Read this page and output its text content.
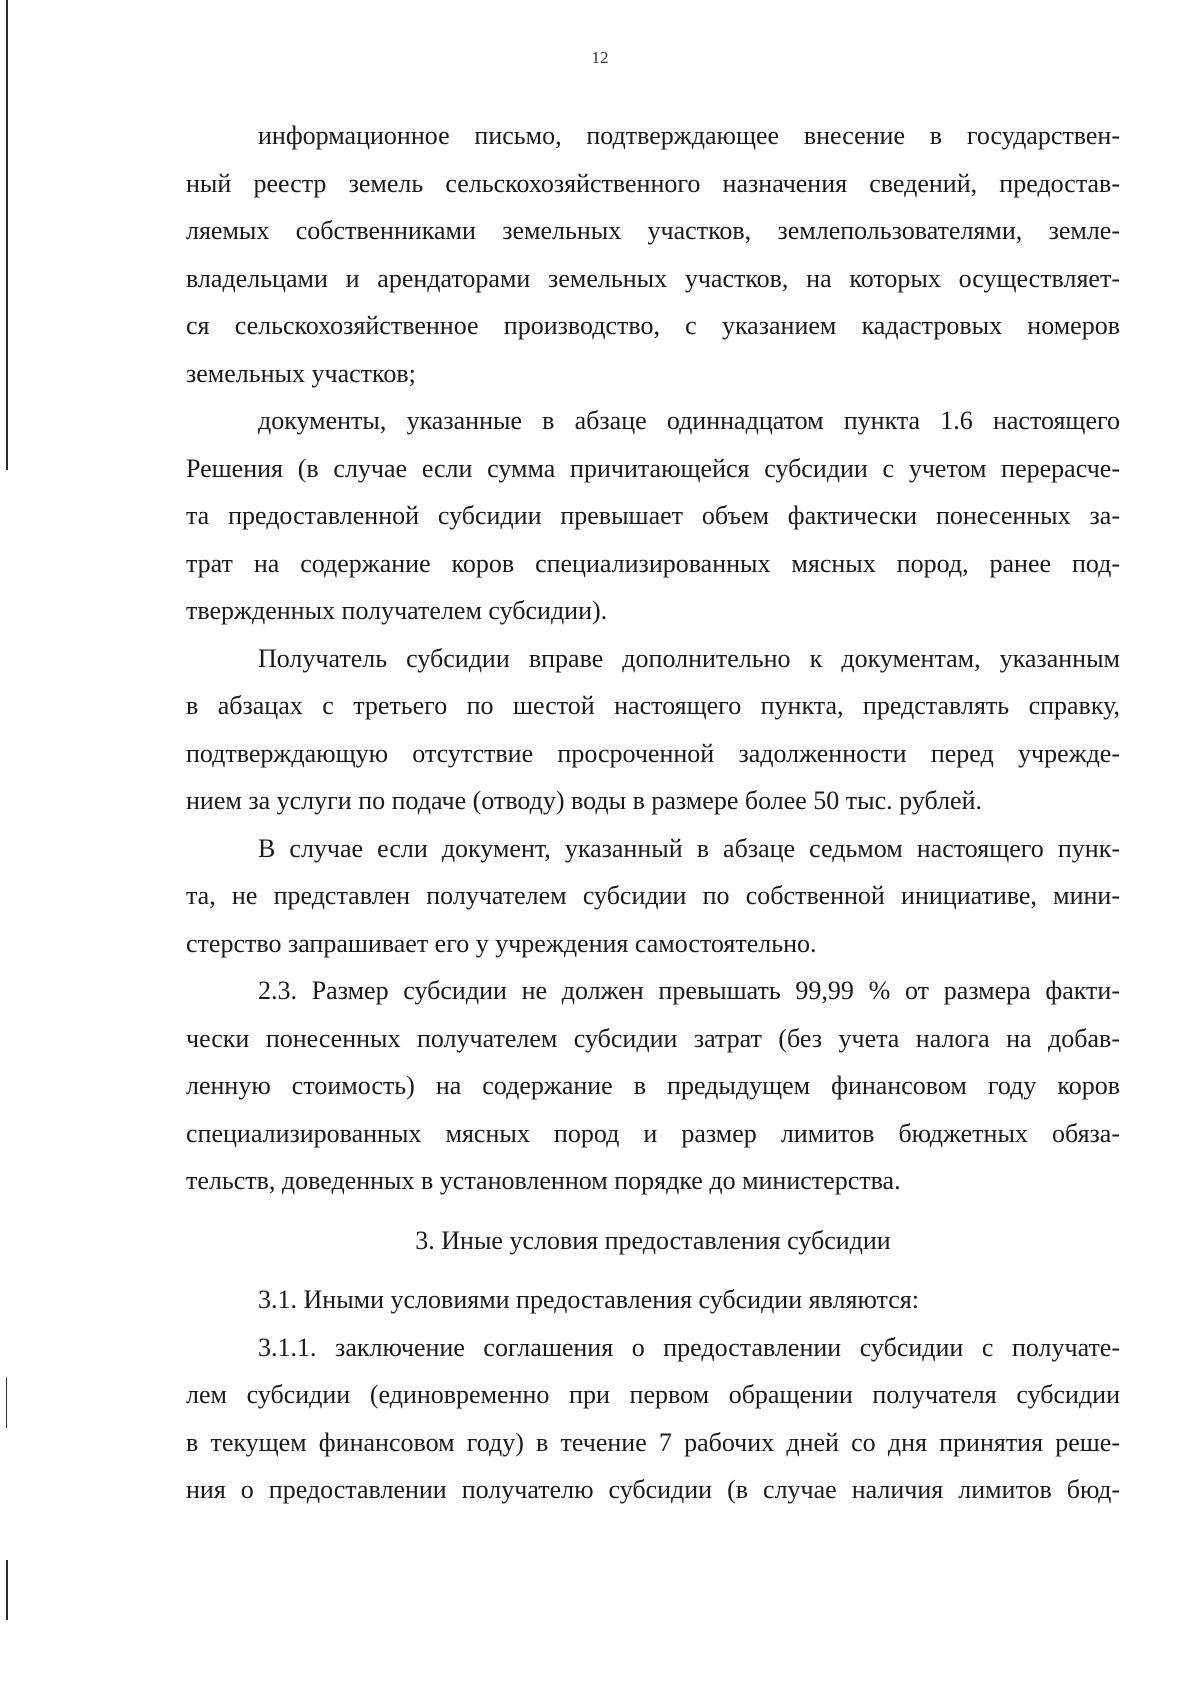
12
информационное письмо, подтверждающее внесение в государствен-
ный реестр земель сельскохозяйственного назначения сведений, предостав-
ляемых собственниками земельных участков, землепользователями, земле-
владельцами и арендаторами земельных участков, на которых осуществляет-
ся сельскохозяйственное производство, с указанием кадастровых номеров
земельных участков;
документы, указанные в абзаце одиннадцатом пункта 1.6 настоящего
Решения (в случае если сумма причитающейся субсидии с учетом перерасче-
та предоставленной субсидии превышает объем фактически понесенных за-
трат на содержание коров специализированных мясных пород, ранее под-
твержденных получателем субсидии).
Получатель субсидии вправе дополнительно к документам, указанным
в абзацах с третьего по шестой настоящего пункта, представлять справку,
подтверждающую отсутствие просроченной задолженности перед учрежде-
нием за услуги по подаче (отводу) воды в размере более 50 тыс. рублей.
В случае если документ, указанный в абзаце седьмом настоящего пунк-
та, не представлен получателем субсидии по собственной инициативе, мини-
стерство запрашивает его у учреждения самостоятельно.
2.3. Размер субсидии не должен превышать 99,99 % от размера факти-
чески понесенных получателем субсидии затрат (без учета налога на добав-
ленную стоимость) на содержание в предыдущем финансовом году коров
специализированных мясных пород и размер лимитов бюджетных обяза-
тельств, доведенных в установленном порядке до министерства.
3. Иные условия предоставления субсидии
3.1. Иными условиями предоставления субсидии являются:
3.1.1. заключение соглашения о предоставлении субсидии с получате-
лем субсидии (единовременно при первом обращении получателя субсидии
в текущем финансовом году) в течение 7 рабочих дней со дня принятия реше-
ния о предоставлении получателю субсидии (в случае наличия лимитов бюд-
